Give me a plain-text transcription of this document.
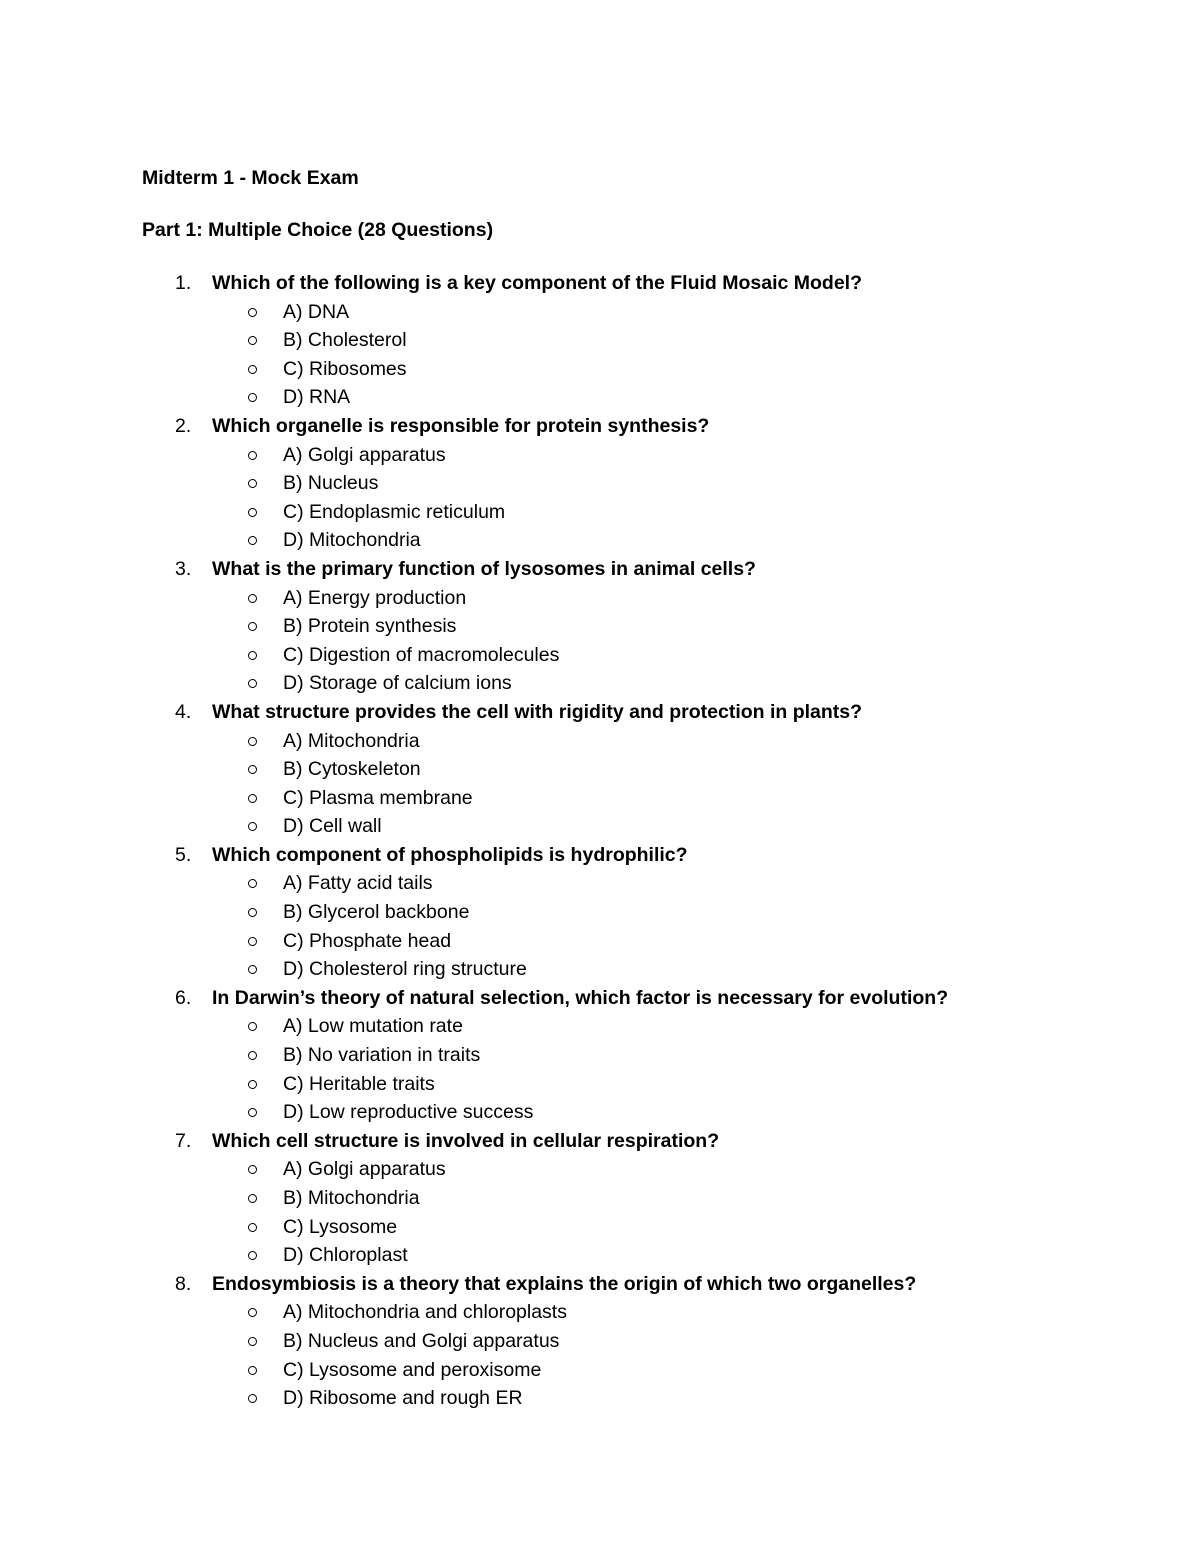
Midterm 1 - Mock Exam
Part 1: Multiple Choice (28 Questions)
1. Which of the following is a key component of the Fluid Mosaic Model?
A) DNA
B) Cholesterol
C) Ribosomes
D) RNA
2. Which organelle is responsible for protein synthesis?
A) Golgi apparatus
B) Nucleus
C) Endoplasmic reticulum
D) Mitochondria
3. What is the primary function of lysosomes in animal cells?
A) Energy production
B) Protein synthesis
C) Digestion of macromolecules
D) Storage of calcium ions
4. What structure provides the cell with rigidity and protection in plants?
A) Mitochondria
B) Cytoskeleton
C) Plasma membrane
D) Cell wall
5. Which component of phospholipids is hydrophilic?
A) Fatty acid tails
B) Glycerol backbone
C) Phosphate head
D) Cholesterol ring structure
6. In Darwin’s theory of natural selection, which factor is necessary for evolution?
A) Low mutation rate
B) No variation in traits
C) Heritable traits
D) Low reproductive success
7. Which cell structure is involved in cellular respiration?
A) Golgi apparatus
B) Mitochondria
C) Lysosome
D) Chloroplast
8. Endosymbiosis is a theory that explains the origin of which two organelles?
A) Mitochondria and chloroplasts
B) Nucleus and Golgi apparatus
C) Lysosome and peroxisome
D) Ribosome and rough ER
